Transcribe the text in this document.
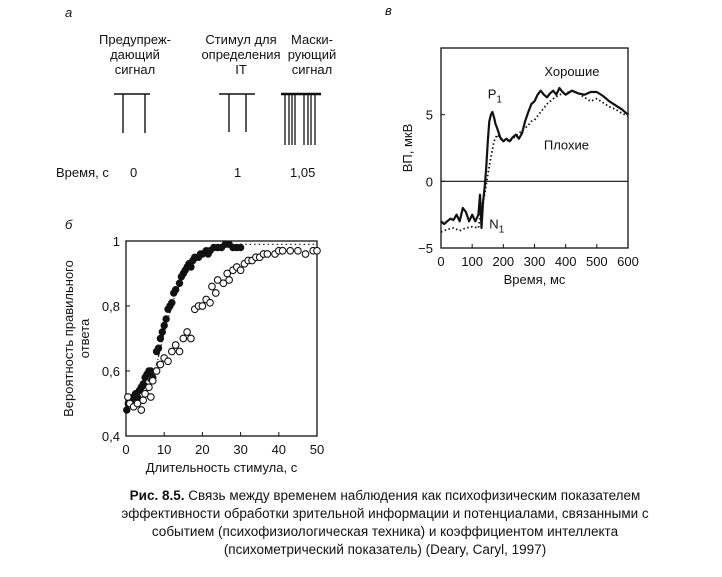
а
Предупреж-
дающий
сигнал
Стимул для
определения
IT
Маски-
рующий
сигнал
Время, с 0	1	1,05
б
0 10 20 30 40 50
0,4
0,6
0,8
1
Длительность стимула, с
Вероятность правильного ответа
в
0 100 200 300 400 500 600
−5
0
5
Время, мс
ВП, мкВ
Хорошие
Плохие
$P_1$
$N_1$
Рис. 8.5. Связь между временем наблюдения как психофизическим показателем эффективности обработки зрительной информации и потенциалами, связанными с событием (психофизиологическая техника) и коэффициентом интеллекта (психометрический показатель) (Deary, Caryl, 1997)
